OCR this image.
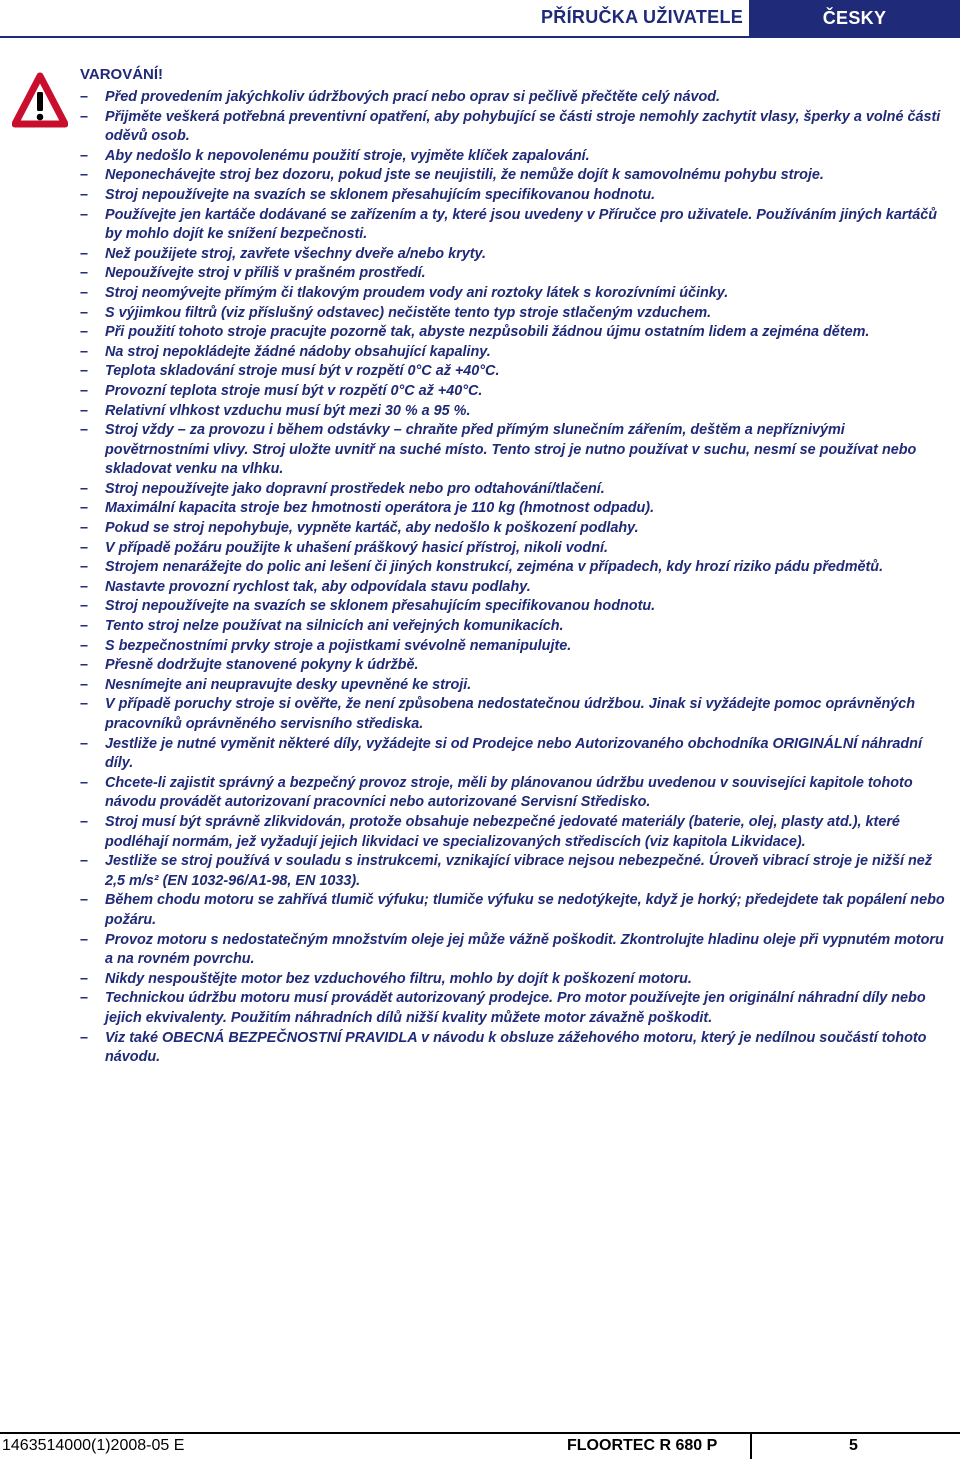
PŘÍRUČKA UŽIVATELE	ČESKY
VAROVÁNÍ!
– Před provedením jakýchkoliv údržbových prací nebo oprav si pečlivě přečtěte celý návod.
– Přijměte veškerá potřebná preventivní opatření, aby pohybující se části stroje nemohly zachytit vlasy, šperky a volné části oděvů osob.
– Aby nedošlo k nepovolenému použití stroje, vyjměte klíček zapalování.
– Neponechávejte stroj bez dozoru, pokud jste se neujistili, že nemůže dojít k samovolnému pohybu stroje.
– Stroj nepoužívejte na svazích se sklonem přesahujícím specifikovanou hodnotu.
– Používejte jen kartáče dodávané se zařízením a ty, které jsou uvedeny v Příručce pro uživatele. Používáním jiných kartáčů by mohlo dojít ke snížení bezpečnosti.
– Než použijete stroj, zavřete všechny dveře a/nebo kryty.
– Nepoužívejte stroj v příliš v prašném prostředí.
– Stroj neomývejte přímým či tlakovým proudem vody ani roztoky látek s korozívními účinky.
– S výjimkou filtrů (viz příslušný odstavec) nečistěte tento typ stroje stlačeným vzduchem.
– Při použití tohoto stroje pracujte pozorně tak, abyste nezpůsobili žádnou újmu ostatním lidem a zejména dětem.
– Na stroj nepokládejte žádné nádoby obsahující kapaliny.
– Teplota skladování stroje musí být v rozpětí 0°C až +40°C.
– Provozní teplota stroje musí být v rozpětí 0°C až +40°C.
– Relativní vlhkost vzduchu musí být mezi 30 % a 95 %.
– Stroj vždy – za provozu i během odstávky – chraňte před přímým slunečním zářením, deštěm a nepříznivými povětrnostními vlivy. Stroj uložte uvnitř na suché místo. Tento stroj je nutno používat v suchu, nesmí se používat nebo skladovat venku na vlhku.
– Stroj nepoužívejte jako dopravní prostředek nebo pro odtahování/tlačení.
– Maximální kapacita stroje bez hmotnosti operátora je 110 kg (hmotnost odpadu).
– Pokud se stroj nepohybuje, vypněte kartáč, aby nedošlo k poškození podlahy.
– V případě požáru použijte k uhašení práškový hasicí přístroj, nikoli vodní.
– Strojem nenarážejte do polic ani lešení či jiných konstrukcí, zejména v případech, kdy hrozí riziko pádu předmětů.
– Nastavte provozní rychlost tak, aby odpovídala stavu podlahy.
– Stroj nepoužívejte na svazích se sklonem přesahujícím specifikovanou hodnotu.
– Tento stroj nelze používat na silnicích ani veřejných komunikacích.
– S bezpečnostními prvky stroje a pojistkami svévolně nemanipulujte.
– Přesně dodržujte stanovené pokyny k údržbě.
– Nesnímejte ani neupravujte desky upevněné ke stroji.
– V případě poruchy stroje si ověřte, že není způsobena nedostatečnou údržbou. Jinak si vyžádejte pomoc oprávněných pracovníků oprávněného servisního střediska.
– Jestliže je nutné vyměnit některé díly, vyžádejte si od Prodejce nebo Autorizovaného obchodníka ORIGINÁLNÍ náhradní díly.
– Chcete-li zajistit správný a bezpečný provoz stroje, měli by plánovanou údržbu uvedenou v souvisejíci kapitole tohoto návodu provádět autorizovaní pracovníci nebo autorizované Servisní Středisko.
– Stroj musí být správně zlikvidován, protože obsahuje nebezpečné jedovaté materiály (baterie, olej, plasty atd.), které podléhají normám, jež vyžadují jejich likvidaci ve specializovaných střediscích (viz kapitola Likvidace).
– Jestliže se stroj používá v souladu s instrukcemi, vznikající vibrace nejsou nebezpečné. Úroveň vibrací stroje je nižší než 2,5 m/s² (EN 1032-96/A1-98, EN 1033).
– Během chodu motoru se zahřívá tlumič výfuku; tlumiče výfuku se nedotýkejte, když je horký; předejdete tak popálení nebo požáru.
– Provoz motoru s nedostatečným množstvím oleje jej může vážně poškodit. Zkontrolujte hladinu oleje při vypnutém motoru a na rovném povrchu.
– Nikdy nespouštějte motor bez vzduchového filtru, mohlo by dojít k poškození motoru.
– Technickou údržbu motoru musí provádět autorizovaný prodejce. Pro motor používejte jen originální náhradní díly nebo jejich ekvivalenty. Použitím náhradních dílů nižší kvality můžete motor závažně poškodit.
– Viz také OBECNÁ BEZPEČNOSTNÍ PRAVIDLA v návodu k obsluze zážehového motoru, který je nedílnou součástí tohoto návodu.
1463514000(1)2008-05 E	FLOORTEC R 680 P	5
